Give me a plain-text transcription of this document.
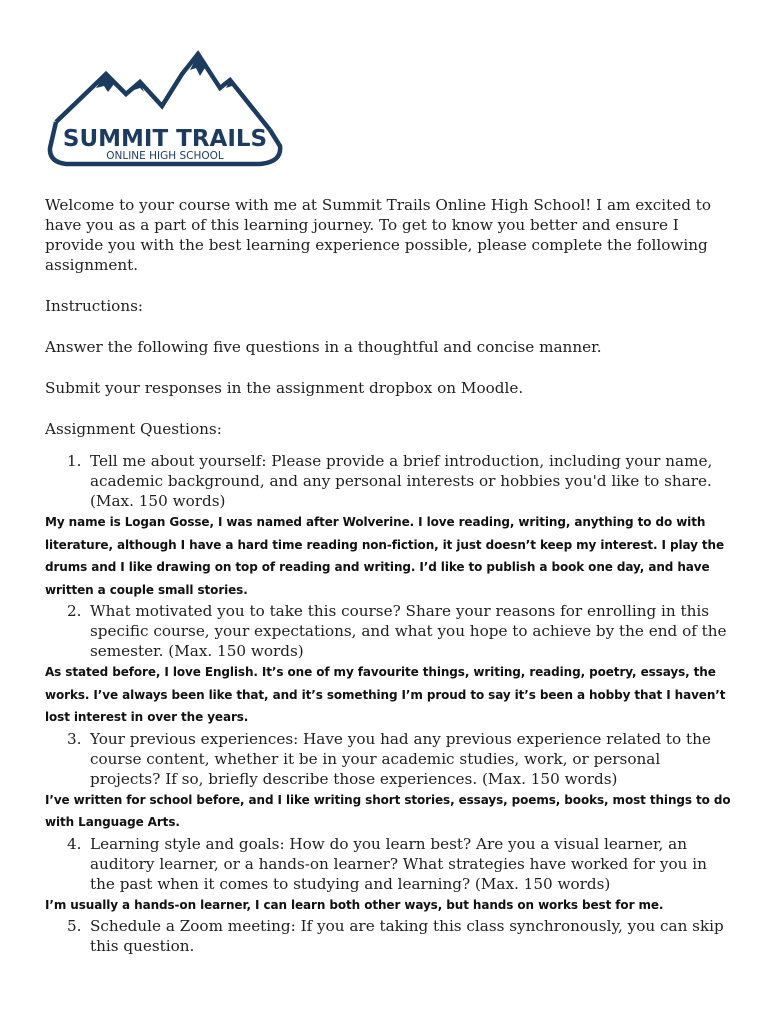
SUMMIT TRAILS
ONLINE HIGH SCHOOL

Welcome to your course with me at Summit Trails Online High School! I am excited to have you as a part of this learning journey. To get to know you better and ensure I provide you with the best learning experience possible, please complete the following assignment.

Instructions:

Answer the following five questions in a thoughtful and concise manner.

Submit your responses in the assignment dropbox on Moodle.

Assignment Questions:

1. Tell me about yourself: Please provide a brief introduction, including your name, academic background, and any personal interests or hobbies you'd like to share. (Max. 150 words)
My name is Logan Gosse, I was named after Wolverine. I love reading, writing, anything to do with literature, although I have a hard time reading non-fiction, it just doesn’t keep my interest. I play the drums and I like drawing on top of reading and writing. I’d like to publish a book one day, and have written a couple small stories.
2. What motivated you to take this course? Share your reasons for enrolling in this specific course, your expectations, and what you hope to achieve by the end of the semester. (Max. 150 words)
As stated before, I love English. It’s one of my favourite things, writing, reading, poetry, essays, the works. I’ve always been like that, and it’s something I’m proud to say it’s been a hobby that I haven’t lost interest in over the years.
3. Your previous experiences: Have you had any previous experience related to the course content, whether it be in your academic studies, work, or personal projects? If so, briefly describe those experiences. (Max. 150 words)
I’ve written for school before, and I like writing short stories, essays, poems, books, most things to do with Language Arts.
4. Learning style and goals: How do you learn best? Are you a visual learner, an auditory learner, or a hands-on learner? What strategies have worked for you in the past when it comes to studying and learning? (Max. 150 words)
I’m usually a hands-on learner, I can learn both other ways, but hands on works best for me.
5. Schedule a Zoom meeting: If you are taking this class synchronously, you can skip this question.
